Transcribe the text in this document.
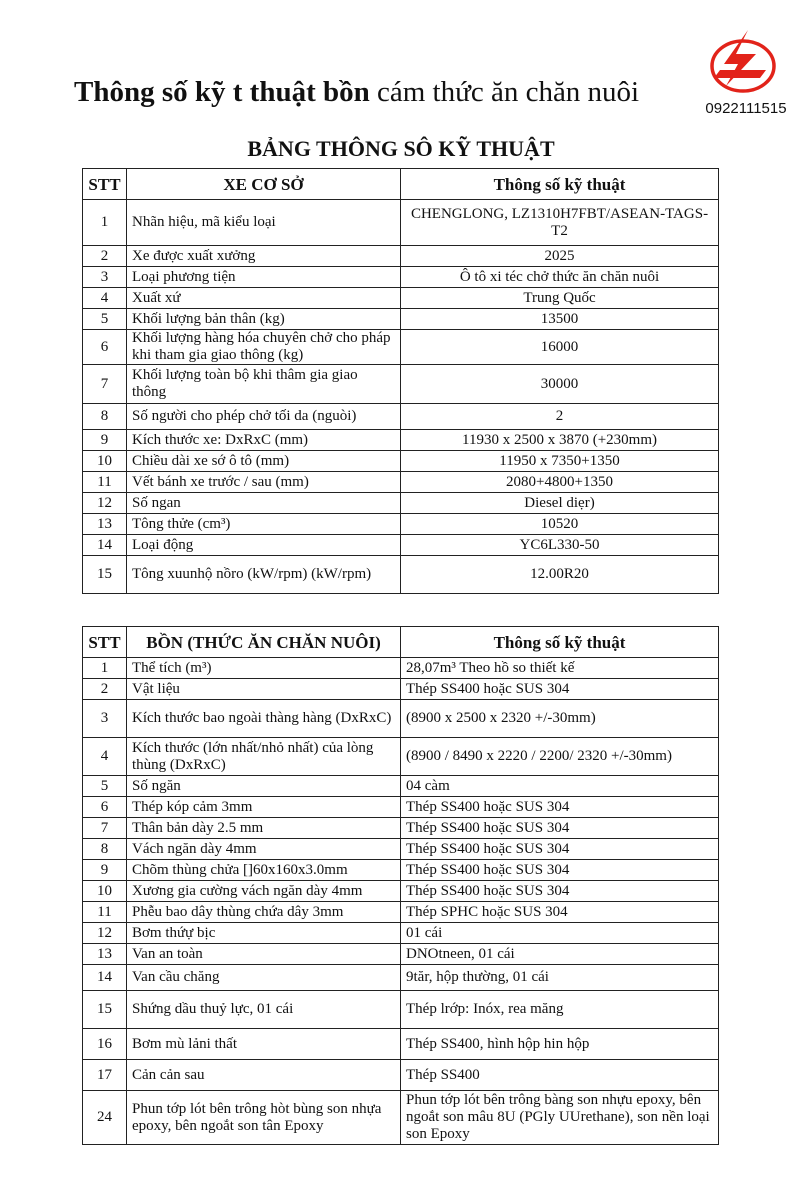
0922111515
Thông số kỹ t thuật bồn cám thức ăn chăn nuôi
BẢNG THÔNG SÔ KỸ THUẬT
STT	XE CƠ SỞ	Thông số kỹ thuật
1	Nhãn hiệu, mã kiểu loại	CHENGLONG, LZ1310H7FBT/ASEAN-TAGS-T2
2	Xe được xuất xưởng	2025
3	Loại phương tiện	Ô tô xi téc chở thức ăn chăn nuôi
4	Xuất xứ	Trung Quốc
5	Khối lượng bản thân (kg)	13500
6	Khối lượng hàng hóa chuyên chở cho pháp khi tham gia giao thông (kg)	16000
7	Khối lượng toàn bộ khi thâm gia giao thông	30000
8	Số người cho phép chở tối da (nguòi)	2
9	Kích thước xe: DxRxC (mm)	11930 x 2500 x 3870 (+230mm)
10	Chiều dài xe sớ ô tô (mm)	11950 x 7350+1350
11	Vết bánh xe trước / sau (mm)	2080+4800+1350
12	Số ngan	Diesel diẹr)
13	Tông thửe (cm³)	10520
14	Loại động	YC6L330-50
15	Tông xuunhộ nồro (kW/rpm) (kW/rpm)	12.00R20
STT	BỒN (THỨC ĂN CHĂN NUÔI)	Thông số kỹ thuật
1	Thể tích (m³)	28,07m³ Theo hồ so thiết kế
2	Vật liệu	Thép SS400 hoặc SUS 304
3	Kích thước bao ngoài thàng hàng (DxRxC)	(8900 x 2500 x 2320 +/-30mm)
4	Kích thước (lớn nhất/nhỏ nhất) của lòng thùng (DxRxC)	(8900 / 8490 x 2220 / 2200/ 2320 +/-30mm)
5	Số ngăn	04 càm
6	Thép kóp cảm 3mm	Thép SS400 hoặc SUS 304
7	Thân bản dày 2.5 mm	Thép SS400 hoặc SUS 304
8	Vách ngăn dày 4mm	Thép SS400 hoặc SUS 304
9	Chõm thùng chửa []60x160x3.0mm	Thép SS400 hoặc SUS 304
10	Xương gia cường vách ngăn dày 4mm	Thép SS400 hoặc SUS 304
11	Phễu bao dây thùng chứa dây 3mm	Thép SPHC hoặc SUS 304
12	Bơm thứự bịc	01 cái
13	Van an toàn	DNOtneen, 01 cái
14	Van cầu chăng	9tăr, hộp thường, 01 cái
15	Shứng dầu thuỷ lực, 01 cái	Thép lrớp: Inóx, rea măng
16	Bơm mù lảni thất	Thép SS400, hình hộp hin hộp
17	Cản cản sau	Thép SS400
24	Phun tớp lót bên trông hòt bùng son nhựa epoxy, bên ngoắt son tân Epoxy	Phun tớp lót bên trông bàng son nhựu epoxy, bên ngoắt son mâu 8U (PGly UUrethane), son nền loại son Epoxy
